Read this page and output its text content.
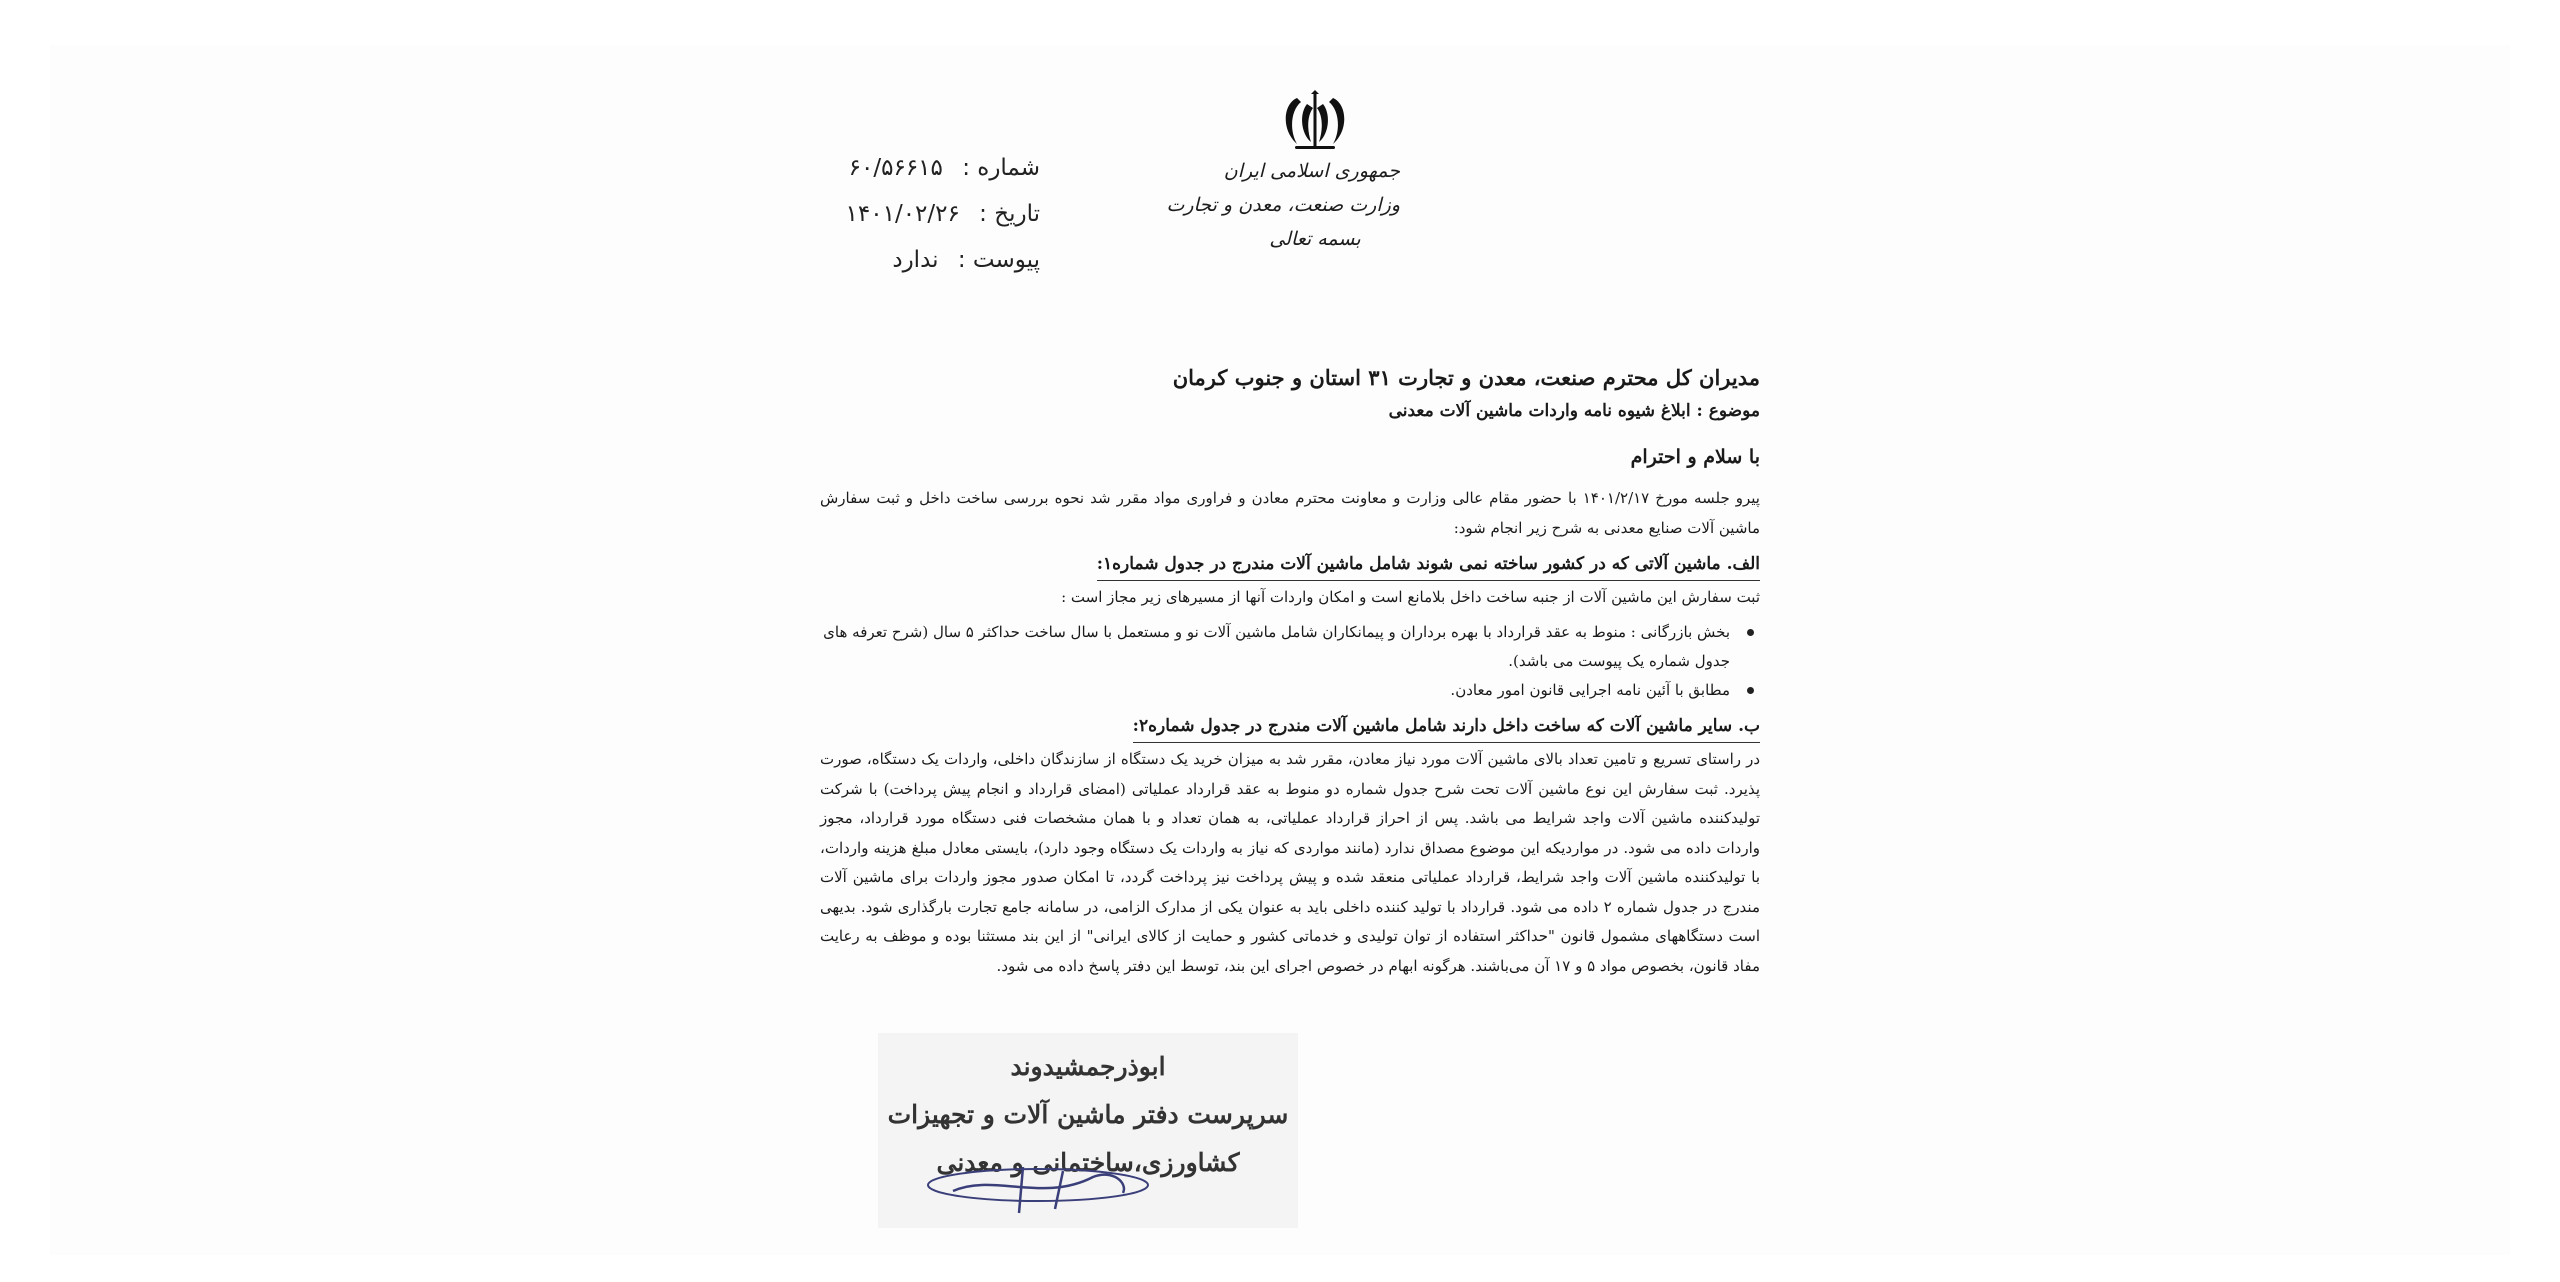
شماره : ۶۰/۵۶۶۱۵
تاریخ : ۱۴۰۱/۰۲/۲۶
پیوست : ندارد
جمهوری اسلامی ایران
وزارت صنعت، معدن و تجارت
بسمه تعالی

مدیران کل محترم صنعت، معدن و تجارت ۳۱ استان و جنوب کرمان

موضوع : ابلاغ شیوه نامه واردات ماشین آلات معدنی

با سلام و احترام

پیرو جلسه مورخ ۱۴۰۱/۲/۱۷ با حضور مقام عالی وزارت و معاونت محترم معادن و فراوری مواد مقرر شد نحوه بررسی ساخت داخل و ثبت سفارش ماشین آلات صنایع معدنی به شرح زیر انجام شود:

الف. ماشین آلاتی که در کشور ساخته نمی شوند شامل ماشین آلات مندرج در جدول شماره۱:

ثبت سفارش این ماشین آلات از جنبه ساخت داخل بلامانع است و امکان واردات آنها از مسیرهای زیر مجاز است :

بخش بازرگانی : منوط به عقد قرارداد با بهره برداران و پیمانکاران شامل ماشین آلات نو و مستعمل با سال ساخت حداکثر ۵ سال (شرح تعرفه های جدول شماره یک پیوست می باشد).
مطابق با آئین نامه اجرایی قانون امور معادن.
ب. سایر ماشین آلات که ساخت داخل دارند شامل ماشین آلات مندرج در جدول شماره۲:

در راستای تسریع و تامین تعداد بالای ماشین آلات مورد نیاز معادن، مقرر شد به میزان خرید یک دستگاه از سازندگان داخلی، واردات یک دستگاه، صورت پذیرد. ثبت سفارش این نوع ماشین آلات تحت شرح جدول شماره دو منوط به عقد قرارداد عملیاتی (امضای قرارداد و انجام پیش پرداخت) با شرکت تولیدکننده ماشین آلات واجد شرایط می باشد. پس از احراز قرارداد عملیاتی، به همان تعداد و با همان مشخصات فنی دستگاه مورد قرارداد، مجوز واردات داده می شود. در مواردیکه این موضوع مصداق ندارد (مانند مواردی که نیاز به واردات یک دستگاه وجود دارد)، بایستی معادل مبلغ هزینه واردات، با تولیدکننده ماشین آلات واجد شرایط، قرارداد عملیاتی منعقد شده و پیش پرداخت نیز پرداخت گردد، تا امکان صدور مجوز واردات برای ماشین آلات مندرج در جدول شماره ۲ داده می شود. قرارداد با تولید کننده داخلی باید به عنوان یکی از مدارک الزامی، در سامانه جامع تجارت بارگذاری شود. بدیهی است دستگاههای مشمول قانون "حداکثر استفاده از توان تولیدی و خدماتی کشور و حمایت از کالای ایرانی" از این بند مستثنا بوده و موظف به رعایت مفاد قانون، بخصوص مواد ۵ و ۱۷ آن می‌باشند. هرگونه ابهام در خصوص اجرای این بند، توسط این دفتر پاسخ داده می شود.

ابوذرجمشیدوند
سرپرست دفتر ماشین آلات و تجهیزات
کشاورزی،ساختمانی و معدنی
